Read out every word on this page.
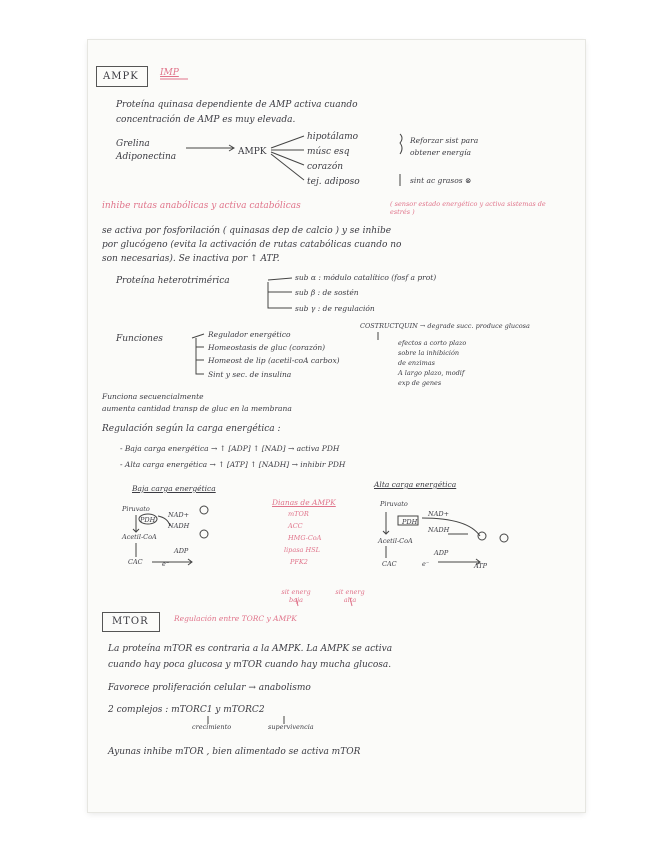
AMPK IMP
Proteína quinasa dependiente de AMP activa cuando
concentración de AMP es muy elevada.
Grelina
Adiponectina	AMPK
hipotálamo
músc esq
corazón
tej. adiposo
Reforzar sist para
obtener energía
sint ac grasos ⊗
inhibe rutas anabólicas y activa catabólicas	( sensor estado energético y activa sistemas de estrés )
se activa por fosforilación ( quinasas dep de calcio ) y se inhibe
por glucógeno (evita la activación de rutas catabólicas cuando no
son necesarias). Se inactiva por ↑ ATP.
Proteína heterotrimérica	sub α : módulo catalítico (fosf a prot)
sub β : de sostén
sub γ : de regulación
COSTRUCTQUIN → degrade succ. produce glucosa
Funciones	Regulador energético
Homeostasis de gluc (corazón)
Homeost de lip (acetil-coA carbox)
Sint y sec. de insulina
efectos a corto plazo
sobre la inhibición
de enzimas
A largo plazo, modif
exp de genes
Funciona secuencialmente
aumenta cantidad transp de gluc en la membrana
Regulación según la carga energética :
- Baja carga energética → ↑ [ADP] ↑ [NAD] → activa PDH
- Alta carga energética → ↑ [ATP] ↑ [NADH] → inhibir PDH
Baja carga energética
Dianas de AMPK
Alta carga energética
Piruvato
PDH
NAD+
NADH
Acetil-CoA
ADP
CAC	e⁻
mTOR
ACC
HMG-CoA
lipasa HSL
PFK2
Piruvato
PDH
NAD+
NADH
Acetil-CoA
ADP
CAC	e⁻	ATP
sit energ baja
sit energ alta
MTOR	Regulación entre TORC y AMPK
La proteína mTOR es contraria a la AMPK. La AMPK se activa
cuando hay poca glucosa y mTOR cuando hay mucha glucosa.
Favorece proliferación celular → anabolismo
2 complejos : mTORC1 y mTORC2
crecimiento	supervivencia
Ayunas inhibe mTOR , bien alimentado se activa mTOR
